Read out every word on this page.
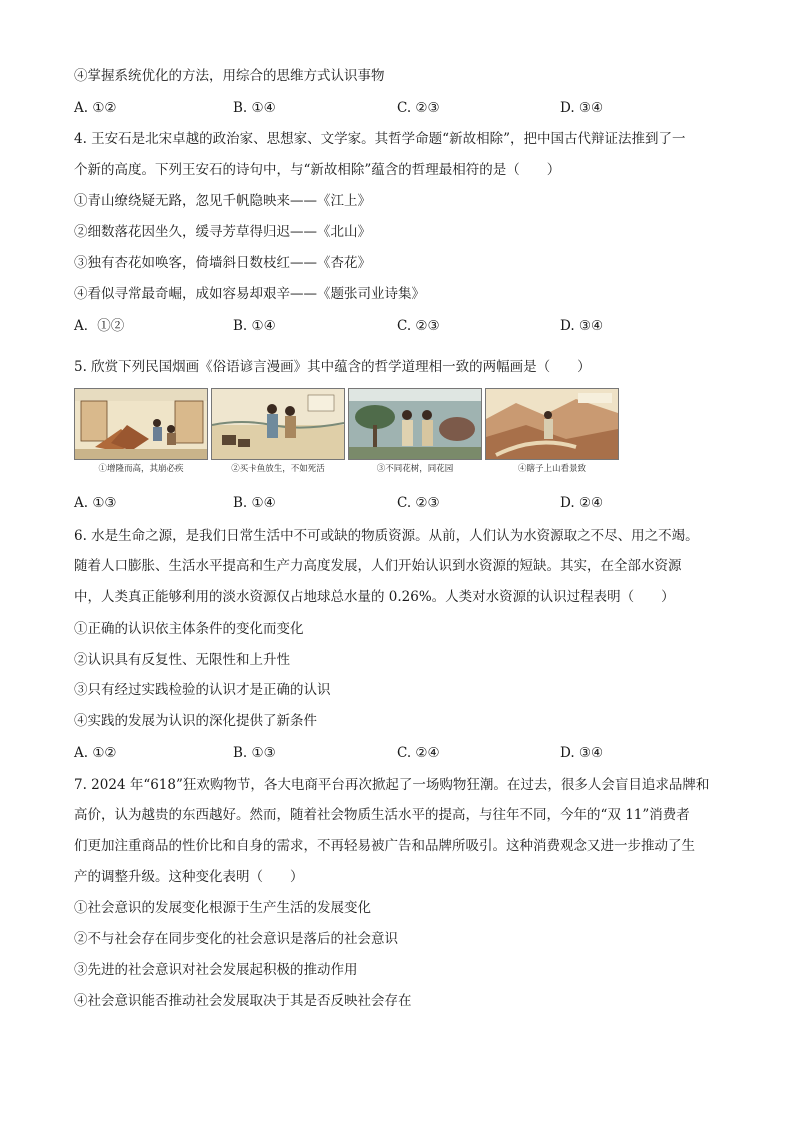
④掌握系统优化的方法，用综合的思维方式认识事物
A. ①②	B. ①④	C. ②③	D. ③④
4. 王安石是北宋卓越的政治家、思想家、文学家。其哲学命题“新故相除”，把中国古代辩证法推到了一
个新的高度。下列王安石的诗句中，与“新故相除”蕴含的哲理最相符的是（　　）
①青山缭绕疑无路，忽见千帆隐映来——《江上》
②细数落花因坐久，缓寻芳草得归迟——《北山》
③独有杏花如唤客，倚墙斜日数枝红——《杏花》
④看似寻常最奇崛，成如容易却艰辛——《题张司业诗集》
A．①②	B. ①④	C. ②③	D. ③④
5. 欣赏下列民国烟画《俗语谚言漫画》其中蕴含的哲学道理相一致的两幅画是（　　）
①增隆而高，其崩必疾	②买卡鱼放生，不如死活	③不同花树，同花园	④瞎子上山看景致
A. ①③	B. ①④	C. ②③	D. ②④
6. 水是生命之源，是我们日常生活中不可或缺的物质资源。从前，人们认为水资源取之不尽、用之不竭。
随着人口膨胀、生活水平提高和生产力高度发展，人们开始认识到水资源的短缺。其实，在全部水资源
中，人类真正能够利用的淡水资源仅占地球总水量的 0.26%。人类对水资源的认识过程表明（　　）
①正确的认识依主体条件的变化而变化
②认识具有反复性、无限性和上升性
③只有经过实践检验的认识才是正确的认识
④实践的发展为认识的深化提供了新条件
A. ①②	B. ①③	C. ②④	D. ③④
7. 2024 年“618”狂欢购物节，各大电商平台再次掀起了一场购物狂潮。在过去，很多人会盲目追求品牌和
高价，认为越贵的东西越好。然而，随着社会物质生活水平的提高，与往年不同，今年的“双 11”消费者
们更加注重商品的性价比和自身的需求，不再轻易被广告和品牌所吸引。这种消费观念又进一步推动了生
产的调整升级。这种变化表明（　　）
①社会意识的发展变化根源于生产生活的发展变化
②不与社会存在同步变化的社会意识是落后的社会意识
③先进的社会意识对社会发展起积极的推动作用
④社会意识能否推动社会发展取决于其是否反映社会存在
